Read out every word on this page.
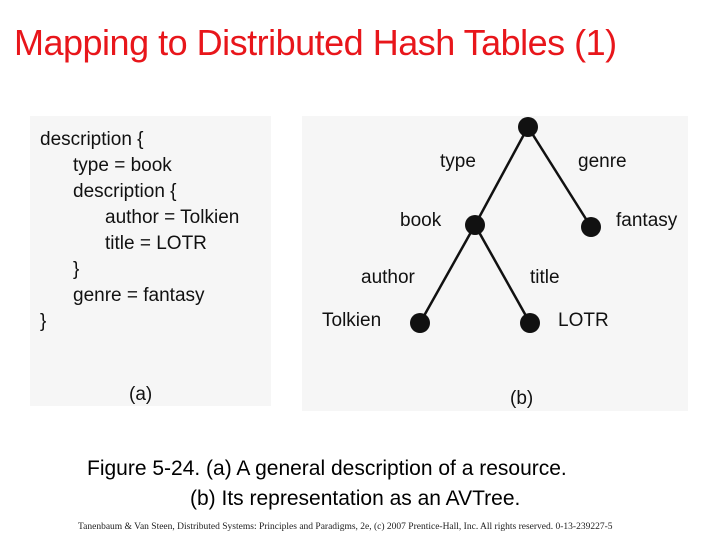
Mapping to Distributed Hash Tables (1)
description {
type = book
description {
author = Tolkien
title = LOTR
}
genre = fantasy
}
(a)
type	genre
book	fantasy
author	title
Tolkien	LOTR
(b)
Figure 5-24. (a) A general description of a resource.
(b) Its representation as an AVTree.
Tanenbaum & Van Steen, Distributed Systems: Principles and Paradigms, 2e, (c) 2007 Prentice-Hall, Inc. All rights reserved. 0-13-239227-5
